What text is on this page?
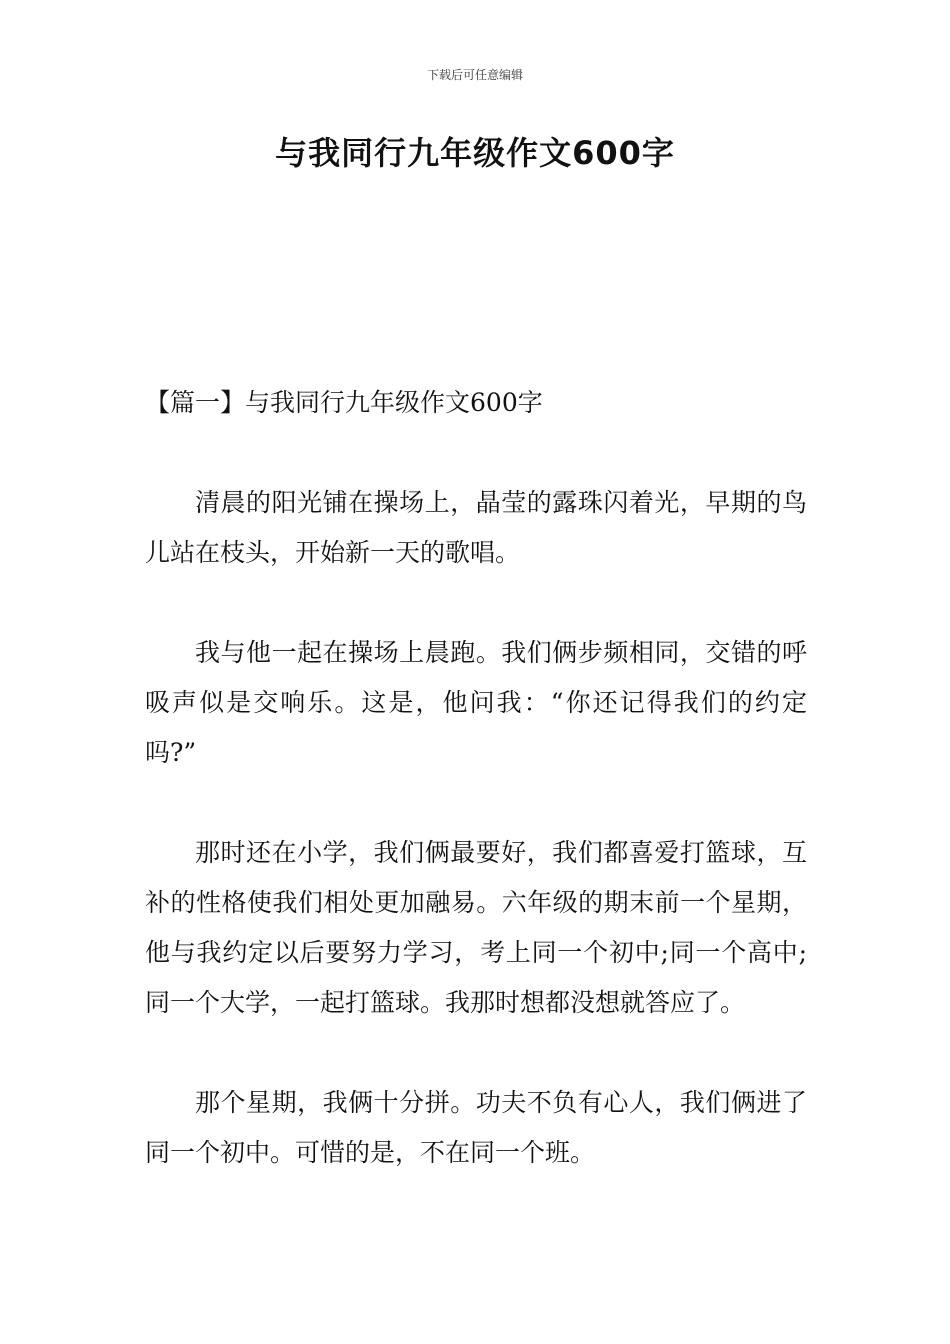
下载后可任意编辑
与我同行九年级作文600字

【篇一】与我同行九年级作文600字

清晨的阳光铺在操场上，晶莹的露珠闪着光，早期的鸟儿站在枝头，开始新一天的歌唱。

我与他一起在操场上晨跑。我们俩步频相同，交错的呼吸声似是交响乐。这是，他问我：“你还记得我们的约定吗?”

那时还在小学，我们俩最要好，我们都喜爱打篮球，互补的性格使我们相处更加融易。六年级的期末前一个星期，他与我约定以后要努力学习，考上同一个初中;同一个高中;同一个大学，一起打篮球。我那时想都没想就答应了。

那个星期，我俩十分拼。功夫不负有心人，我们俩进了同一个初中。可惜的是，不在同一个班。
